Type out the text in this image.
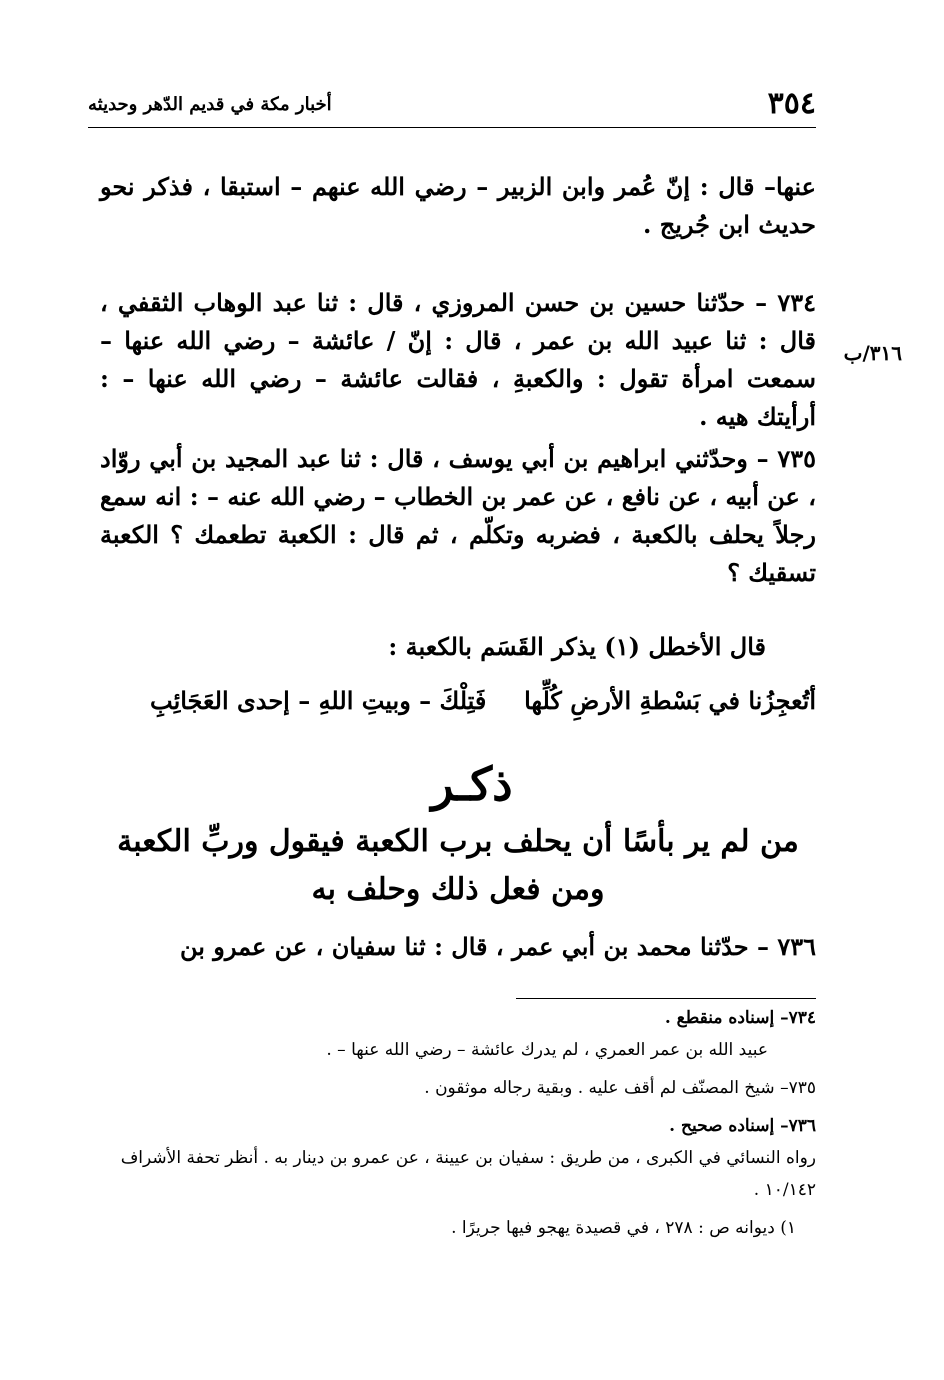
٣٥٤
أخبار مكة في قديم الدّهر وحديثه
٣١٦/ب

عنها– قال : إنّ عُمر وابن الزبير – رضي الله عنهم – استبقا ، فذكر نحو حديث ابن جُريج .

٧٣٤ – حدّثنا حسين بن حسن المروزي ، قال : ثنا عبد الوهاب الثقفي ، قال : ثنا عبيد الله بن عمر ، قال : إنّ / عائشة – رضي الله عنها – سمعت امرأة تقول : والكعبةِ ، فقالت عائشة – رضي الله عنها – : أرأيتك هيه .

٧٣٥ – وحدّثني ابراهيم بن أبي يوسف ، قال : ثنا عبد المجيد بن أبي روّاد ، عن أبيه ، عن نافع ، عن عمر بن الخطاب – رضي الله عنه – : انه سمع رجلاً يحلف بالكعبة ، فضربه وتكلّم ، ثم قال : الكعبة تطعمك ؟ الكعبة تسقيك ؟

قال الأخطل (١) يذكر القَسَم بالكعبة :

أتُعجِزُنا في بَسْطةِ الأرضِ كُلِّها
فَتِلْكَ – وبيتِ اللهِ – إحدى العَجَائِبِ
ذكـر
من لم ير بأسًا أن يحلف برب الكعبة فيقول وربِّ الكعبة ومن فعل ذلك وحلف به

٧٣٦ – حدّثنا محمد بن أبي عمر ، قال : ثنا سفيان ، عن عمرو بن

٧٣٤– إسناده منقطع .
عبيد الله بن عمر العمري ، لم يدرك عائشة – رضي الله عنها – .
٧٣٥– شيخ المصنّف لم أقف عليه . وبقية رجاله موثقون .
٧٣٦– إسناده صحيح .
رواه النسائي في الكبرى ، من طريق : سفيان بن عيينة ، عن عمرو بن دينار به . أنظر تحفة الأشراف ١٠/١٤٢ .
١) ديوانه ص : ٢٧٨ ، في قصيدة يهجو فيها جريرًا .
